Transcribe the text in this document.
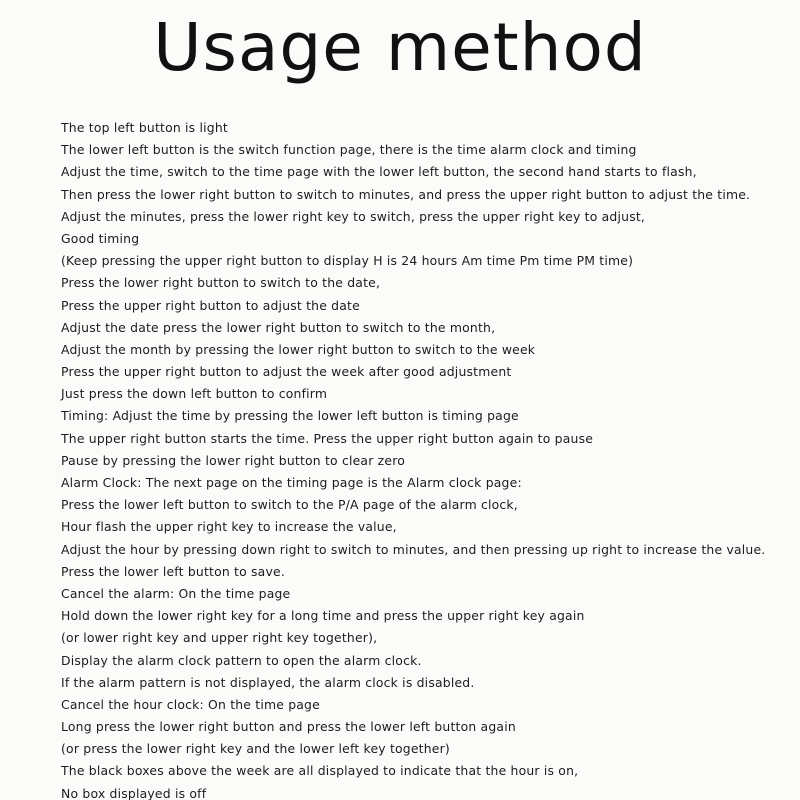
Usage method
The top left button is light
The lower left button is the switch function page, there is the time alarm clock and timing
Adjust the time, switch to the time page with the lower left button, the second hand starts to flash,
Then press the lower right button to switch to minutes, and press the upper right button to adjust the time.
Adjust the minutes, press the lower right key to switch, press the upper right key to adjust,
Good timing
(Keep pressing the upper right button to display H is 24 hours Am time Pm time PM time)
Press the lower right button to switch to the date,
Press the upper right button to adjust the date
Adjust the date press the lower right button to switch to the month,
Adjust the month by pressing the lower right button to switch to the week
Press the upper right button to adjust the week after good adjustment
Just press the down left button to confirm
Timing: Adjust the time by pressing the lower left button is timing page
The upper right button starts the time. Press the upper right button again to pause
Pause by pressing the lower right button to clear zero
Alarm Clock: The next page on the timing page is the Alarm clock page:
Press the lower left button to switch to the P/A page of the alarm clock,
Hour flash the upper right key to increase the value,
Adjust the hour by pressing down right to switch to minutes, and then pressing up right to increase the value.
Press the lower left button to save.
Cancel the alarm: On the time page
Hold down the lower right key for a long time and press the upper right key again
(or lower right key and upper right key together),
Display the alarm clock pattern to open the alarm clock.
If the alarm pattern is not displayed, the alarm clock is disabled.
Cancel the hour clock: On the time page
Long press the lower right button and press the lower left button again
(or press the lower right key and the lower left key together)
The black boxes above the week are all displayed to indicate that the hour is on,
No box displayed is off
